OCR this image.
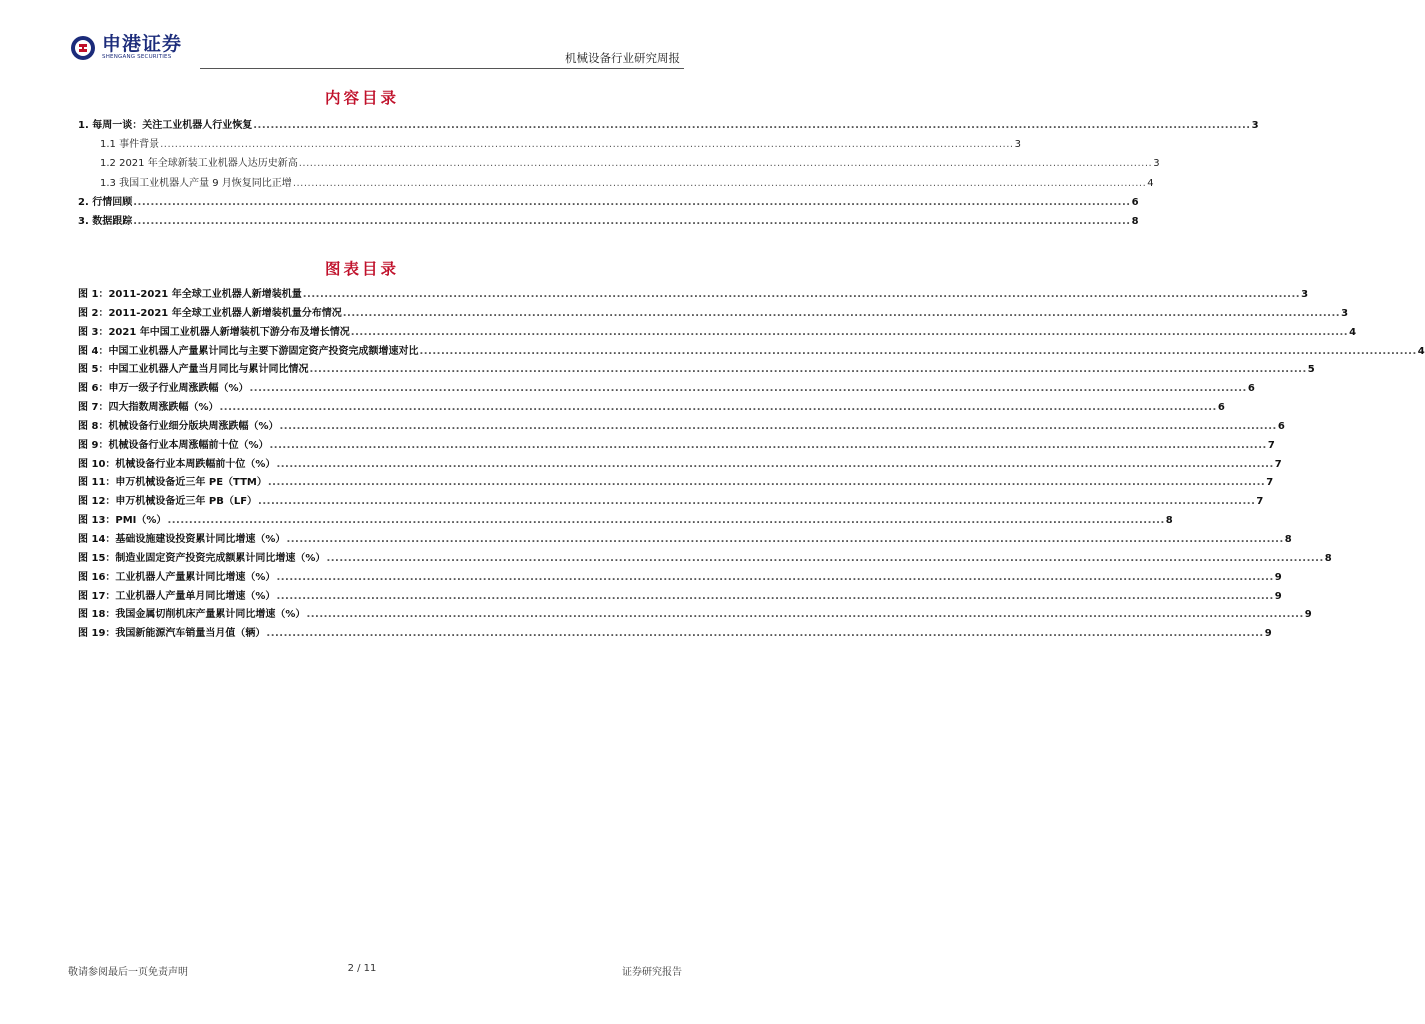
申港证券
SHENGANG SECURITIES	机械设备行业研究周报
内容目录
1. 每周一谈：关注工业机器人行业恢复 ........................................................................................................................................................................................................................................ 3
1.1 事件背景 ........................................................................................................................................................................................................................................ 3
1.2 2021 年全球新装工业机器人达历史新高 ........................................................................................................................................................................................................................................ 3
1.3 我国工业机器人产量 9 月恢复同比正增 ........................................................................................................................................................................................................................................ 4
2. 行情回顾 ........................................................................................................................................................................................................................................ 6
3. 数据跟踪 ........................................................................................................................................................................................................................................ 8
图表目录
图 1： 2011-2021 年全球工业机器人新增装机量 ........................................................................................................................................................................................................................................ 3
图 2： 2011-2021 年全球工业机器人新增装机量分布情况 ........................................................................................................................................................................................................................................ 3
图 3： 2021 年中国工业机器人新增装机下游分布及增长情况 ........................................................................................................................................................................................................................................ 4
图 4： 中国工业机器人产量累计同比与主要下游固定资产投资完成额增速对比 ........................................................................................................................................................................................................................................ 4
图 5： 中国工业机器人产量当月同比与累计同比情况 ........................................................................................................................................................................................................................................ 5
图 6： 申万一级子行业周涨跌幅（%） ........................................................................................................................................................................................................................................ 6
图 7： 四大指数周涨跌幅（%） ........................................................................................................................................................................................................................................ 6
图 8： 机械设备行业细分版块周涨跌幅（%） ........................................................................................................................................................................................................................................ 6
图 9： 机械设备行业本周涨幅前十位（%） ........................................................................................................................................................................................................................................ 7
图 10： 机械设备行业本周跌幅前十位（%） ........................................................................................................................................................................................................................................ 7
图 11： 申万机械设备近三年 PE（TTM） ........................................................................................................................................................................................................................................ 7
图 12： 申万机械设备近三年 PB（LF） ........................................................................................................................................................................................................................................ 7
图 13： PMI（%） ........................................................................................................................................................................................................................................ 8
图 14： 基础设施建设投资累计同比增速（%） ........................................................................................................................................................................................................................................ 8
图 15： 制造业固定资产投资完成额累计同比增速（%） ........................................................................................................................................................................................................................................ 8
图 16： 工业机器人产量累计同比增速（%） ........................................................................................................................................................................................................................................ 9
图 17： 工业机器人产量单月同比增速（%） ........................................................................................................................................................................................................................................ 9
图 18： 我国金属切削机床产量累计同比增速（%） ........................................................................................................................................................................................................................................ 9
图 19： 我国新能源汽车销量当月值（辆） ........................................................................................................................................................................................................................................ 9
敬请参阅最后一页免责声明	2 / 11	证券研究报告
